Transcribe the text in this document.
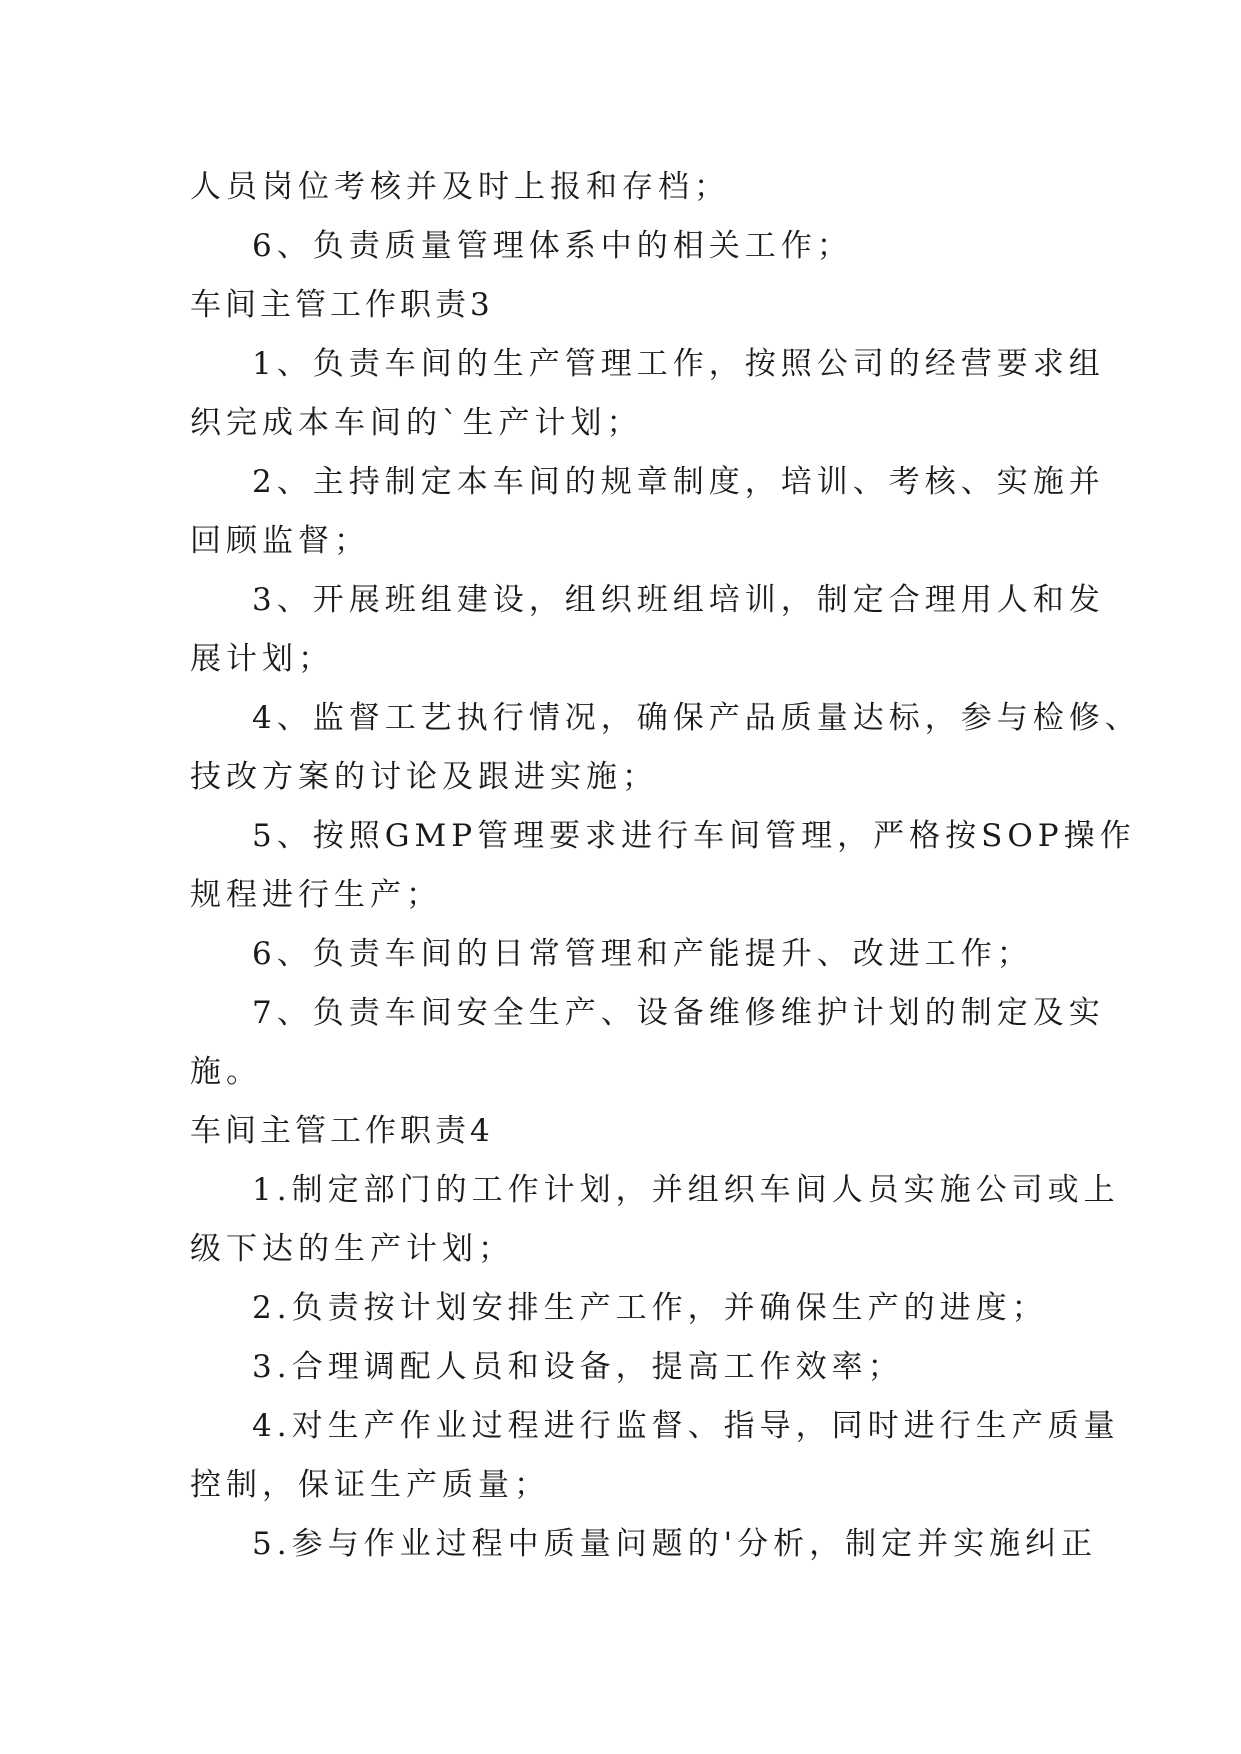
人员岗位考核并及时上报和存档；
6、负责质量管理体系中的相关工作；
车间主管工作职责3
1、负责车间的生产管理工作，按照公司的经营要求组
织完成本车间的`生产计划；
2、主持制定本车间的规章制度，培训、考核、实施并
回顾监督；
3、开展班组建设，组织班组培训，制定合理用人和发
展计划；
4、监督工艺执行情况，确保产品质量达标，参与检修、
技改方案的讨论及跟进实施；
5、按照GMP管理要求进行车间管理，严格按SOP操作
规程进行生产；
6、负责车间的日常管理和产能提升、改进工作；
7、负责车间安全生产、设备维修维护计划的制定及实
施。
车间主管工作职责4
1.制定部门的工作计划，并组织车间人员实施公司或上
级下达的生产计划；
2.负责按计划安排生产工作，并确保生产的进度；
3.合理调配人员和设备，提高工作效率；
4.对生产作业过程进行监督、指导，同时进行生产质量
控制，保证生产质量；
5.参与作业过程中质量问题的'分析，制定并实施纠正
